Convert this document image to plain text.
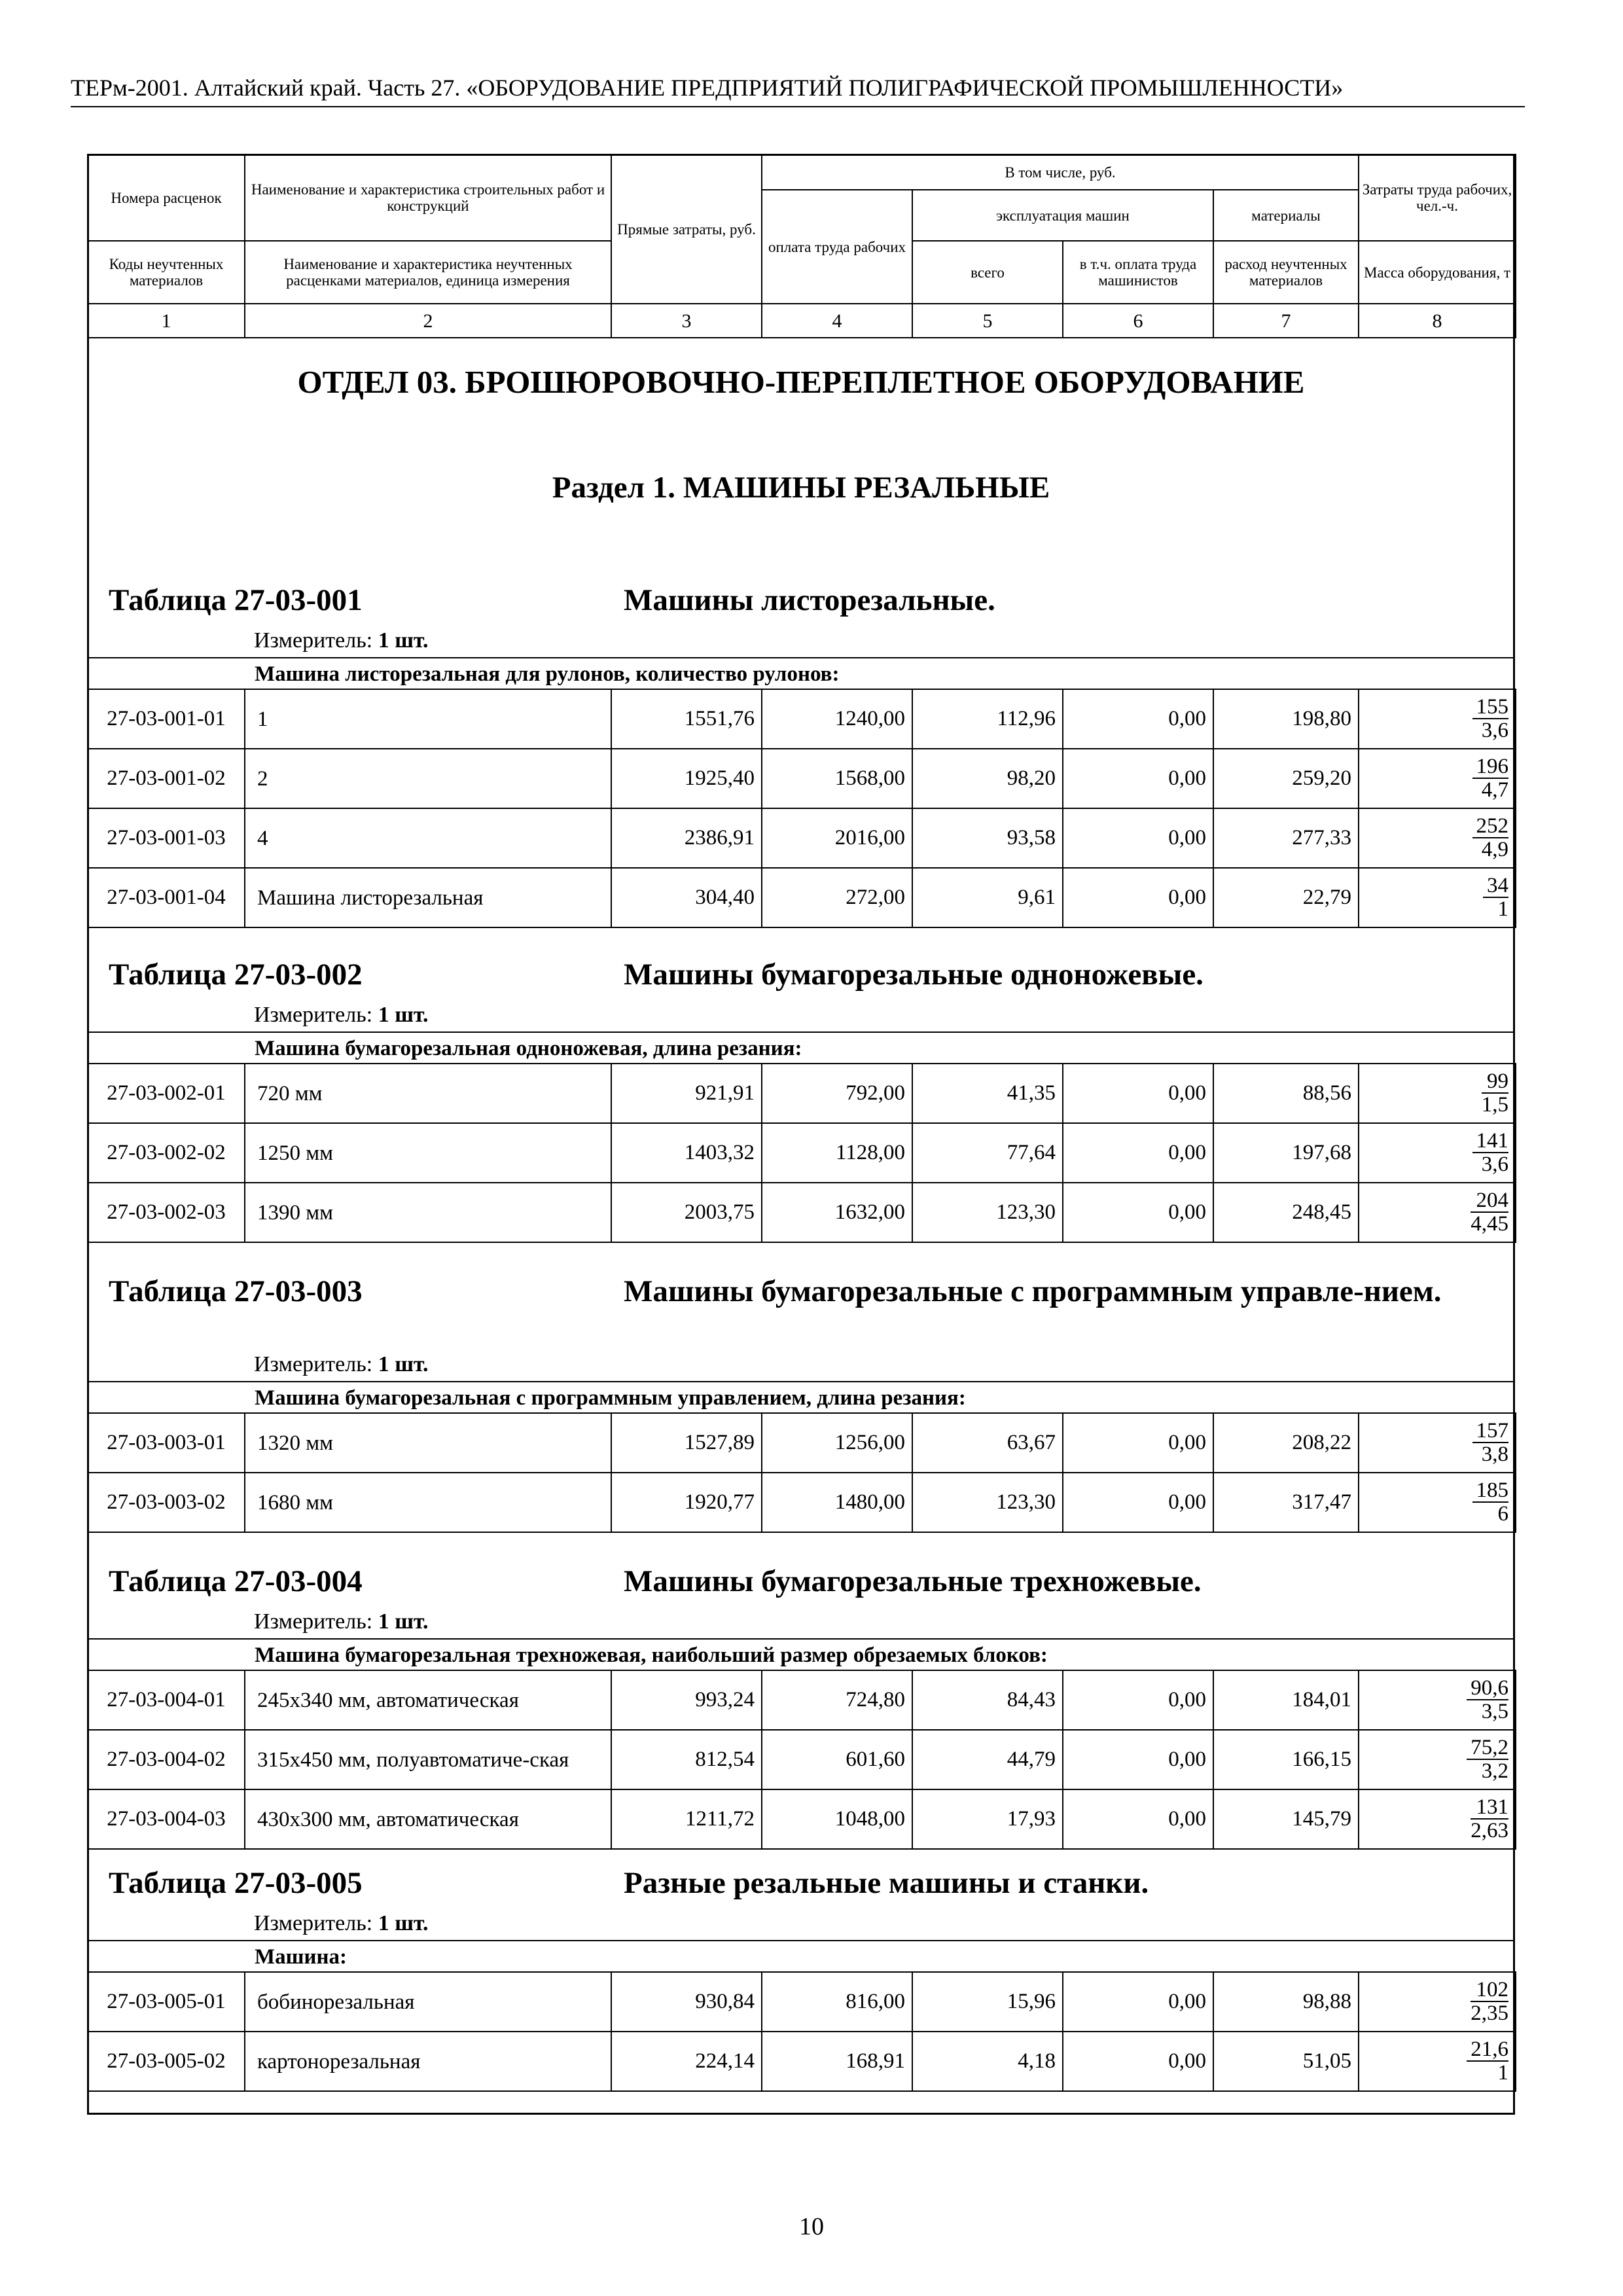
ТЕРм-2001. Алтайский край. Часть 27. «ОБОРУДОВАНИЕ ПРЕДПРИЯТИЙ ПОЛИГРАФИЧЕСКОЙ ПРОМЫШЛЕННОСТИ»
Номера расценок	Наименование и характеристика строительных работ и конструкций	Прямые затраты, руб.	В том числе, руб.				Затраты труда рабочих, чел.-ч.
			оплата труда рабочих	эксплуатация машин		материалы	
Коды неучтенных материалов	Наименование и характеристика неучтенных расценками материалов, единица измерения			всего	в т.ч. оплата труда машинистов	расход неучтенных материалов	Масса оборудования, т
1	2	3	4	5	6	7	8
ОТДЕЛ 03. БРОШЮРОВОЧНО-ПЕРЕПЛЕТНОЕ ОБОРУДОВАНИЕ
Раздел 1. МАШИНЫ РЕЗАЛЬНЫЕ
Таблица 27-03-001	Машины листорезальные.
Измеритель: 1 шт.
Машина листорезальная для рулонов, количество рулонов:
27-03-001-01	1	1551,76	1240,00	112,96	0,00	198,80	$\frac{155}{3,6}$

27-03-001-02	2	1925,40	1568,00	98,20	0,00	259,20	$\frac{196}{4,7}$

27-03-001-03	4	2386,91	2016,00	93,58	0,00	277,33	$\frac{252}{4,9}$

27-03-001-04	Машина листорезальная	304,40	272,00	9,61	0,00	22,79	$\frac{34}{1}$
Таблица 27-03-002	Машины бумагорезальные одноножевые.
Измеритель: 1 шт.
Машина бумагорезальная одноножевая, длина резания:
27-03-002-01	720 мм	921,91	792,00	41,35	0,00	88,56	$\frac{99}{1,5}$

27-03-002-02	1250 мм	1403,32	1128,00	77,64	0,00	197,68	$\frac{141}{3,6}$

27-03-002-03	1390 мм	2003,75	1632,00	123,30	0,00	248,45	$\frac{204}{4,45}$
Таблица 27-03-003	Машины бумагорезальные с программным управле-нием.
Измеритель: 1 шт.
Машина бумагорезальная с программным управлением, длина резания:
27-03-003-01	1320 мм	1527,89	1256,00	63,67	0,00	208,22	$\frac{157}{3,8}$

27-03-003-02	1680 мм	1920,77	1480,00	123,30	0,00	317,47	$\frac{185}{6}$
Таблица 27-03-004	Машины бумагорезальные трехножевые.
Измеритель: 1 шт.
Машина бумагорезальная трехножевая, наибольший размер обрезаемых блоков:
27-03-004-01	245х340 мм, автоматическая	993,24	724,80	84,43	0,00	184,01	$\frac{90,6}{3,5}$

27-03-004-02	315х450 мм, полуавтоматиче-ская	812,54	601,60	44,79	0,00	166,15	$\frac{75,2}{3,2}$

27-03-004-03	430х300 мм, автоматическая	1211,72	1048,00	17,93	0,00	145,79	$\frac{131}{2,63}$
Таблица 27-03-005	Разные резальные машины и станки.
Измеритель: 1 шт.
Машина:
27-03-005-01	бобинорезальная	930,84	816,00	15,96	0,00	98,88	$\frac{102}{2,35}$

27-03-005-02	картонорезальная	224,14	168,91	4,18	0,00	51,05	$\frac{21,6}{1}$
10
